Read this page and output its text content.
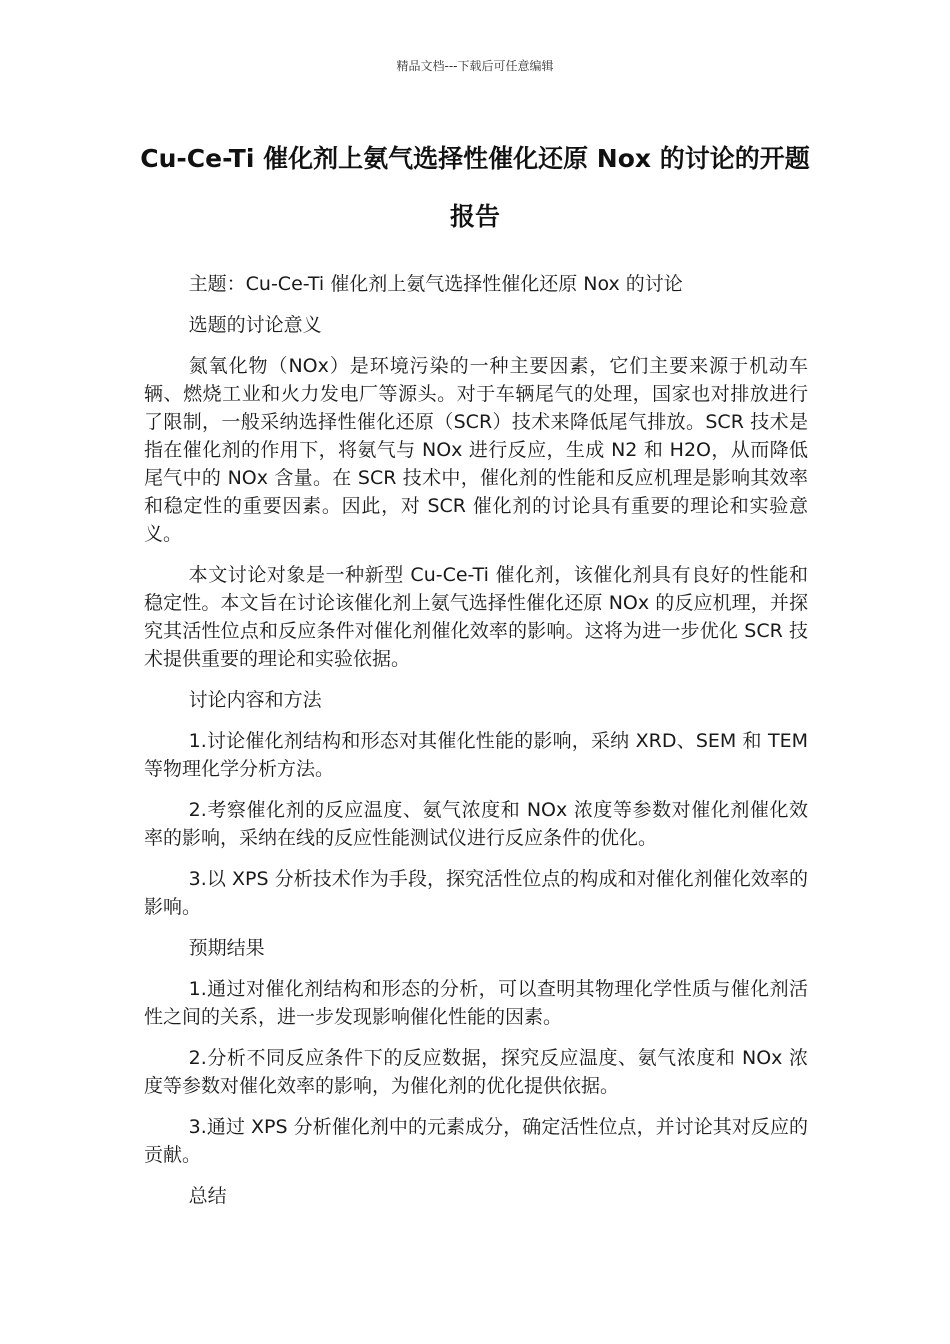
精品文档---下载后可任意编辑
Cu-Ce-Ti 催化剂上氨气选择性催化还原 Nox 的讨论的开题报告

主题：Cu-Ce-Ti 催化剂上氨气选择性催化还原 Nox 的讨论

选题的讨论意义

氮氧化物（NOx）是环境污染的一种主要因素，它们主要来源于机动车辆、燃烧工业和火力发电厂等源头。对于车辆尾气的处理，国家也对排放进行了限制，一般采纳选择性催化还原（SCR）技术来降低尾气排放。SCR 技术是指在催化剂的作用下，将氨气与 NOx 进行反应，生成 N2 和 H2O，从而降低尾气中的 NOx 含量。在 SCR 技术中，催化剂的性能和反应机理是影响其效率和稳定性的重要因素。因此，对 SCR 催化剂的讨论具有重要的理论和实验意义。

本文讨论对象是一种新型 Cu-Ce-Ti 催化剂，该催化剂具有良好的性能和稳定性。本文旨在讨论该催化剂上氨气选择性催化还原 NOx 的反应机理，并探究其活性位点和反应条件对催化剂催化效率的影响。这将为进一步优化 SCR 技术提供重要的理论和实验依据。

讨论内容和方法

1.讨论催化剂结构和形态对其催化性能的影响，采纳 XRD、SEM 和 TEM 等物理化学分析方法。

2.考察催化剂的反应温度、氨气浓度和 NOx 浓度等参数对催化剂催化效率的影响，采纳在线的反应性能测试仪进行反应条件的优化。

3.以 XPS 分析技术作为手段，探究活性位点的构成和对催化剂催化效率的影响。

预期结果

1.通过对催化剂结构和形态的分析，可以查明其物理化学性质与催化剂活性之间的关系，进一步发现影响催化性能的因素。

2.分析不同反应条件下的反应数据，探究反应温度、氨气浓度和 NOx 浓度等参数对催化效率的影响，为催化剂的优化提供依据。

3.通过 XPS 分析催化剂中的元素成分，确定活性位点，并讨论其对反应的贡献。

总结
